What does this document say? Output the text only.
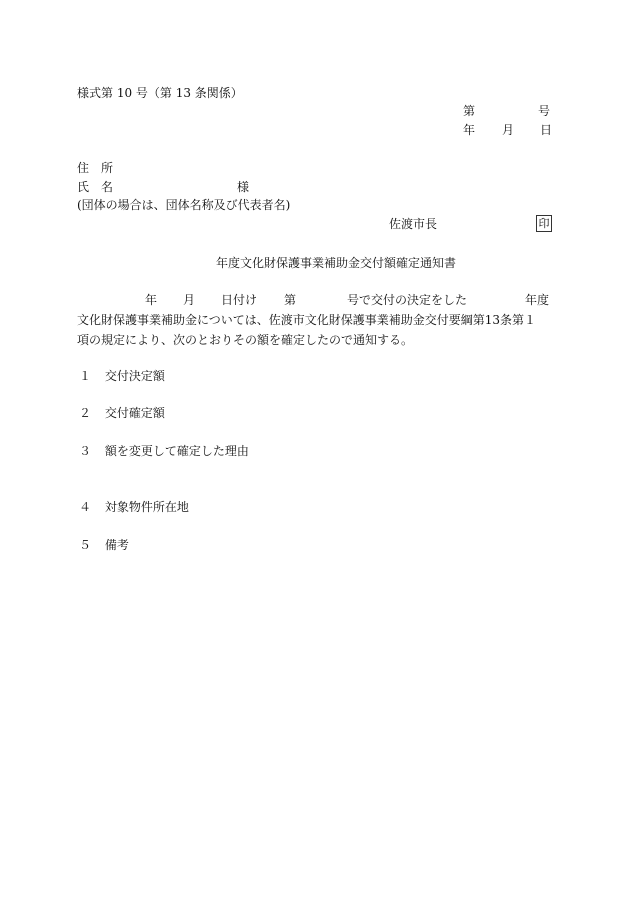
様式第 10 号（第 13 条関係）
第	号
年 月 日
住　所
氏　名	様
(団体の場合は、団体名称及び代表者名)
佐渡市長	印
年度文化財保護事業補助金交付額確定通知書
年 月 日付け 第	号で交付の決定をした	年度
文化財保護事業補助金については、佐渡市文化財保護事業補助金交付要綱第13条第１
項の規定により、次のとおりその額を確定したので通知する。
１ 交付決定額
２ 交付確定額
３ 額を変更して確定した理由
４ 対象物件所在地
５ 備考
